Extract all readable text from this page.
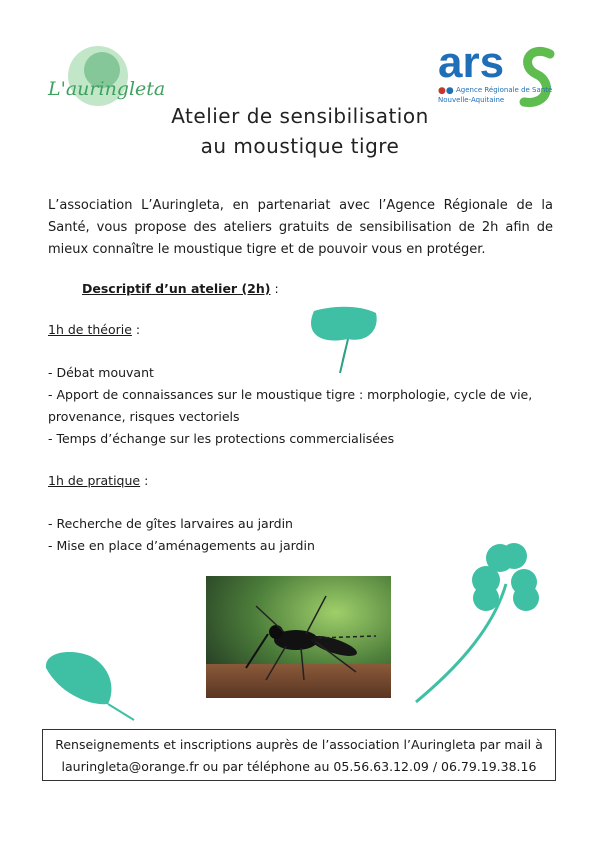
L'auringleta
ars
●● Agence Régionale de Santé
Nouvelle-Aquitaine
Atelier de sensibilisation
au moustique tigre
L’association L’Auringleta, en partenariat avec l’Agence Régionale de la Santé, vous propose des ateliers gratuits de sensibilisation de 2h afin de mieux connaître le moustique tigre et de pouvoir vous en protéger.
Descriptif d’un atelier (2h) :
1h de théorie :
- Débat mouvant
- Apport de connaissances sur le moustique tigre : morphologie, cycle de vie, provenance, risques vectoriels
- Temps d’échange sur les protections commercialisées
1h de pratique :
- Recherche de gîtes larvaires au jardin
- Mise en place d’aménagements au jardin
Renseignements et inscriptions auprès de l’association l’Auringleta par mail à
lauringleta@orange.fr ou par téléphone au 05.56.63.12.09 / 06.79.19.38.16
